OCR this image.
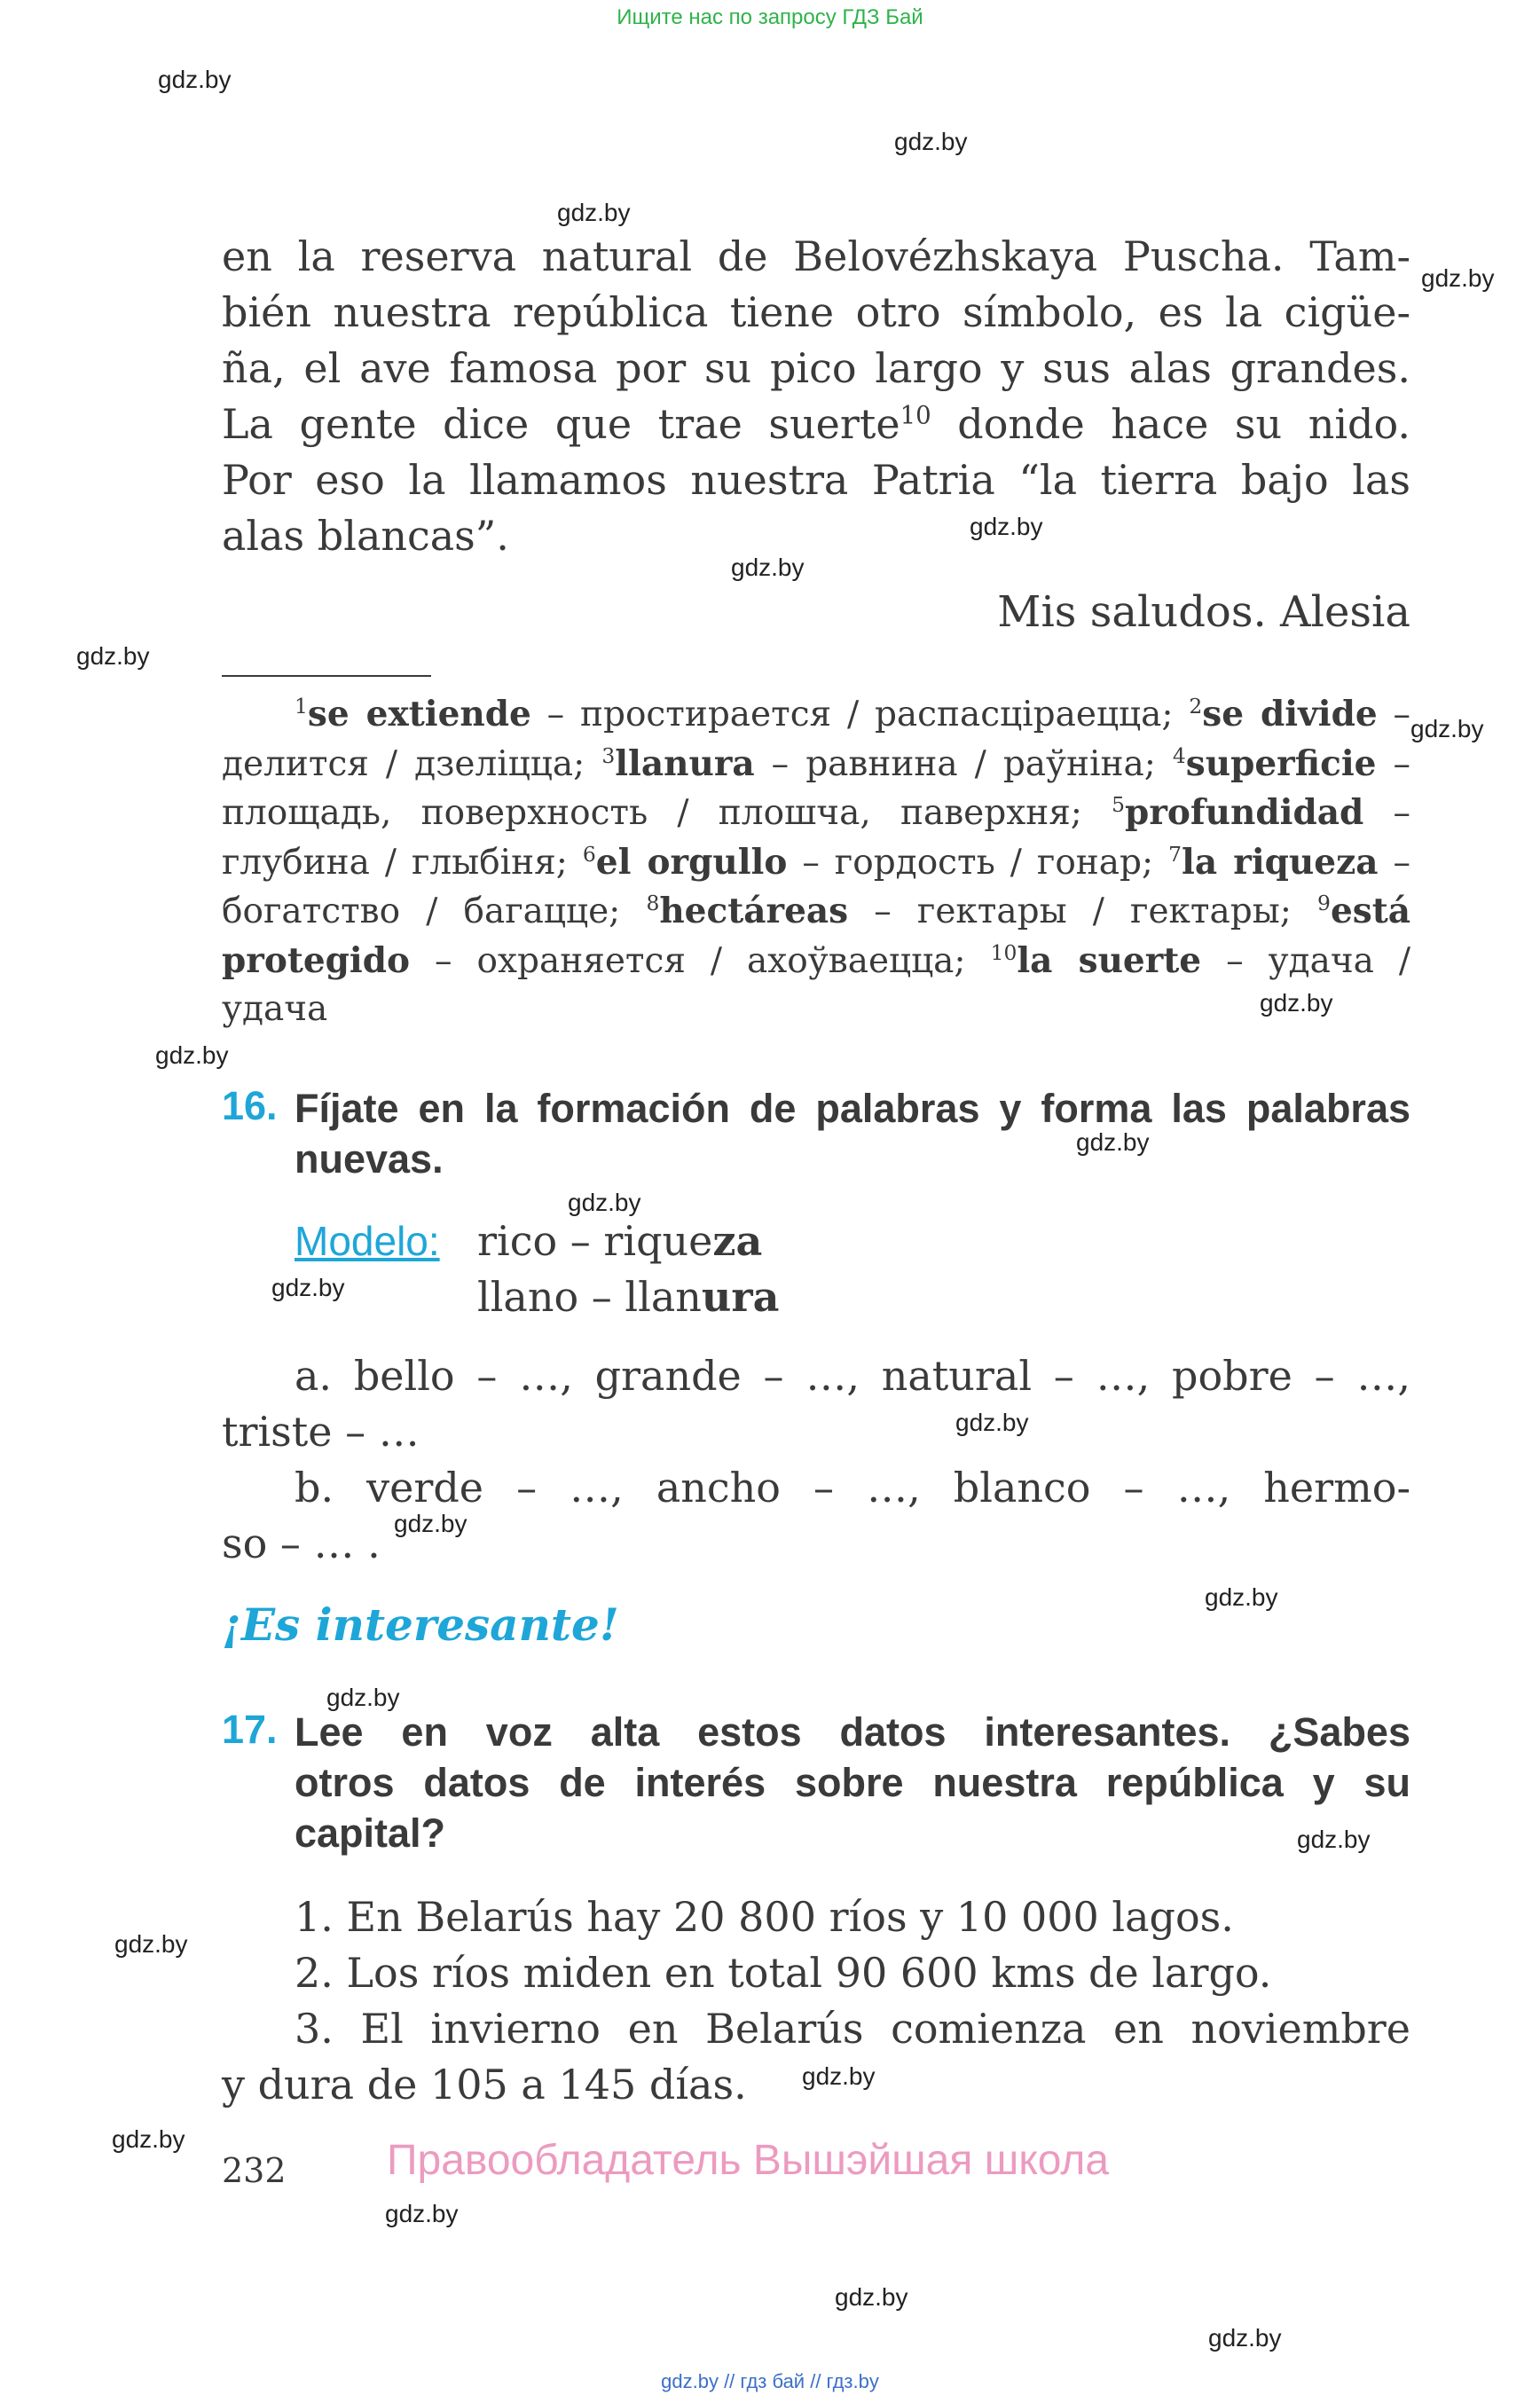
Ищите нас по запросу ГДЗ Бай
gdz.by
gdz.by
gdz.by
gdz.by
gdz.by
gdz.by
gdz.by
gdz.by
gdz.by
gdz.by
gdz.by
gdz.by
gdz.by
gdz.by
gdz.by
gdz.by
gdz.by
gdz.by
gdz.by
gdz.by
gdz.by
gdz.by
gdz.by
gdz.by
en la reserva natural de Belovézhskaya Puscha. Tam-
bién nuestra república tiene otro símbolo, es la cigüe-
ña, el ave famosa por su pico largo y sus alas grandes.
La gente dice que trae suerte$^{10}$ donde hace su nido.
Por eso la llamamos nuestra Patria “la tierra bajo las
alas blancas”.
Mis saludos. Alesia
$^1$se extiende – простирается / распасціраецца; $^2$se divide –
делится / дзеліцца; $^3$llanura – равнина / раўніна; $^4$superficie –
площадь, поверхность / плошча, паверхня; $^5$profundidad –
глубина / глыбіня; $^6$el orgullo – гордость / гонар; $^7$la riqueza –
богатство / багацце; $^8$hectáreas – гектары / гектары; $^9$está
protegido – охраняется / ахоўваецца; $^{10}$la suerte – удача /
удача
16. Fíjate en la formación de palabras y forma las palabras
nuevas.
Modelo: rico – riqueza
llano – llanura
a. bello – …, grande – …, natural – …, pobre – …,
triste – …
b. verde – …, ancho – …, blanco – …, hermo-
so – … .
¡Es interesante!
17. Lee en voz alta estos datos interesantes. ¿Sabes
otros datos de interés sobre nuestra república y su
capital?
1. En Belarús hay 20 800 ríos y 10 000 lagos.
2. Los ríos miden en total 90 600 kms de largo.
3. El invierno en Belarús comienza en noviembre
y dura de 105 a 145 días.
232 Правообладатель Вышэйшая школа
gdz.by // гдз бай // гдз.by
